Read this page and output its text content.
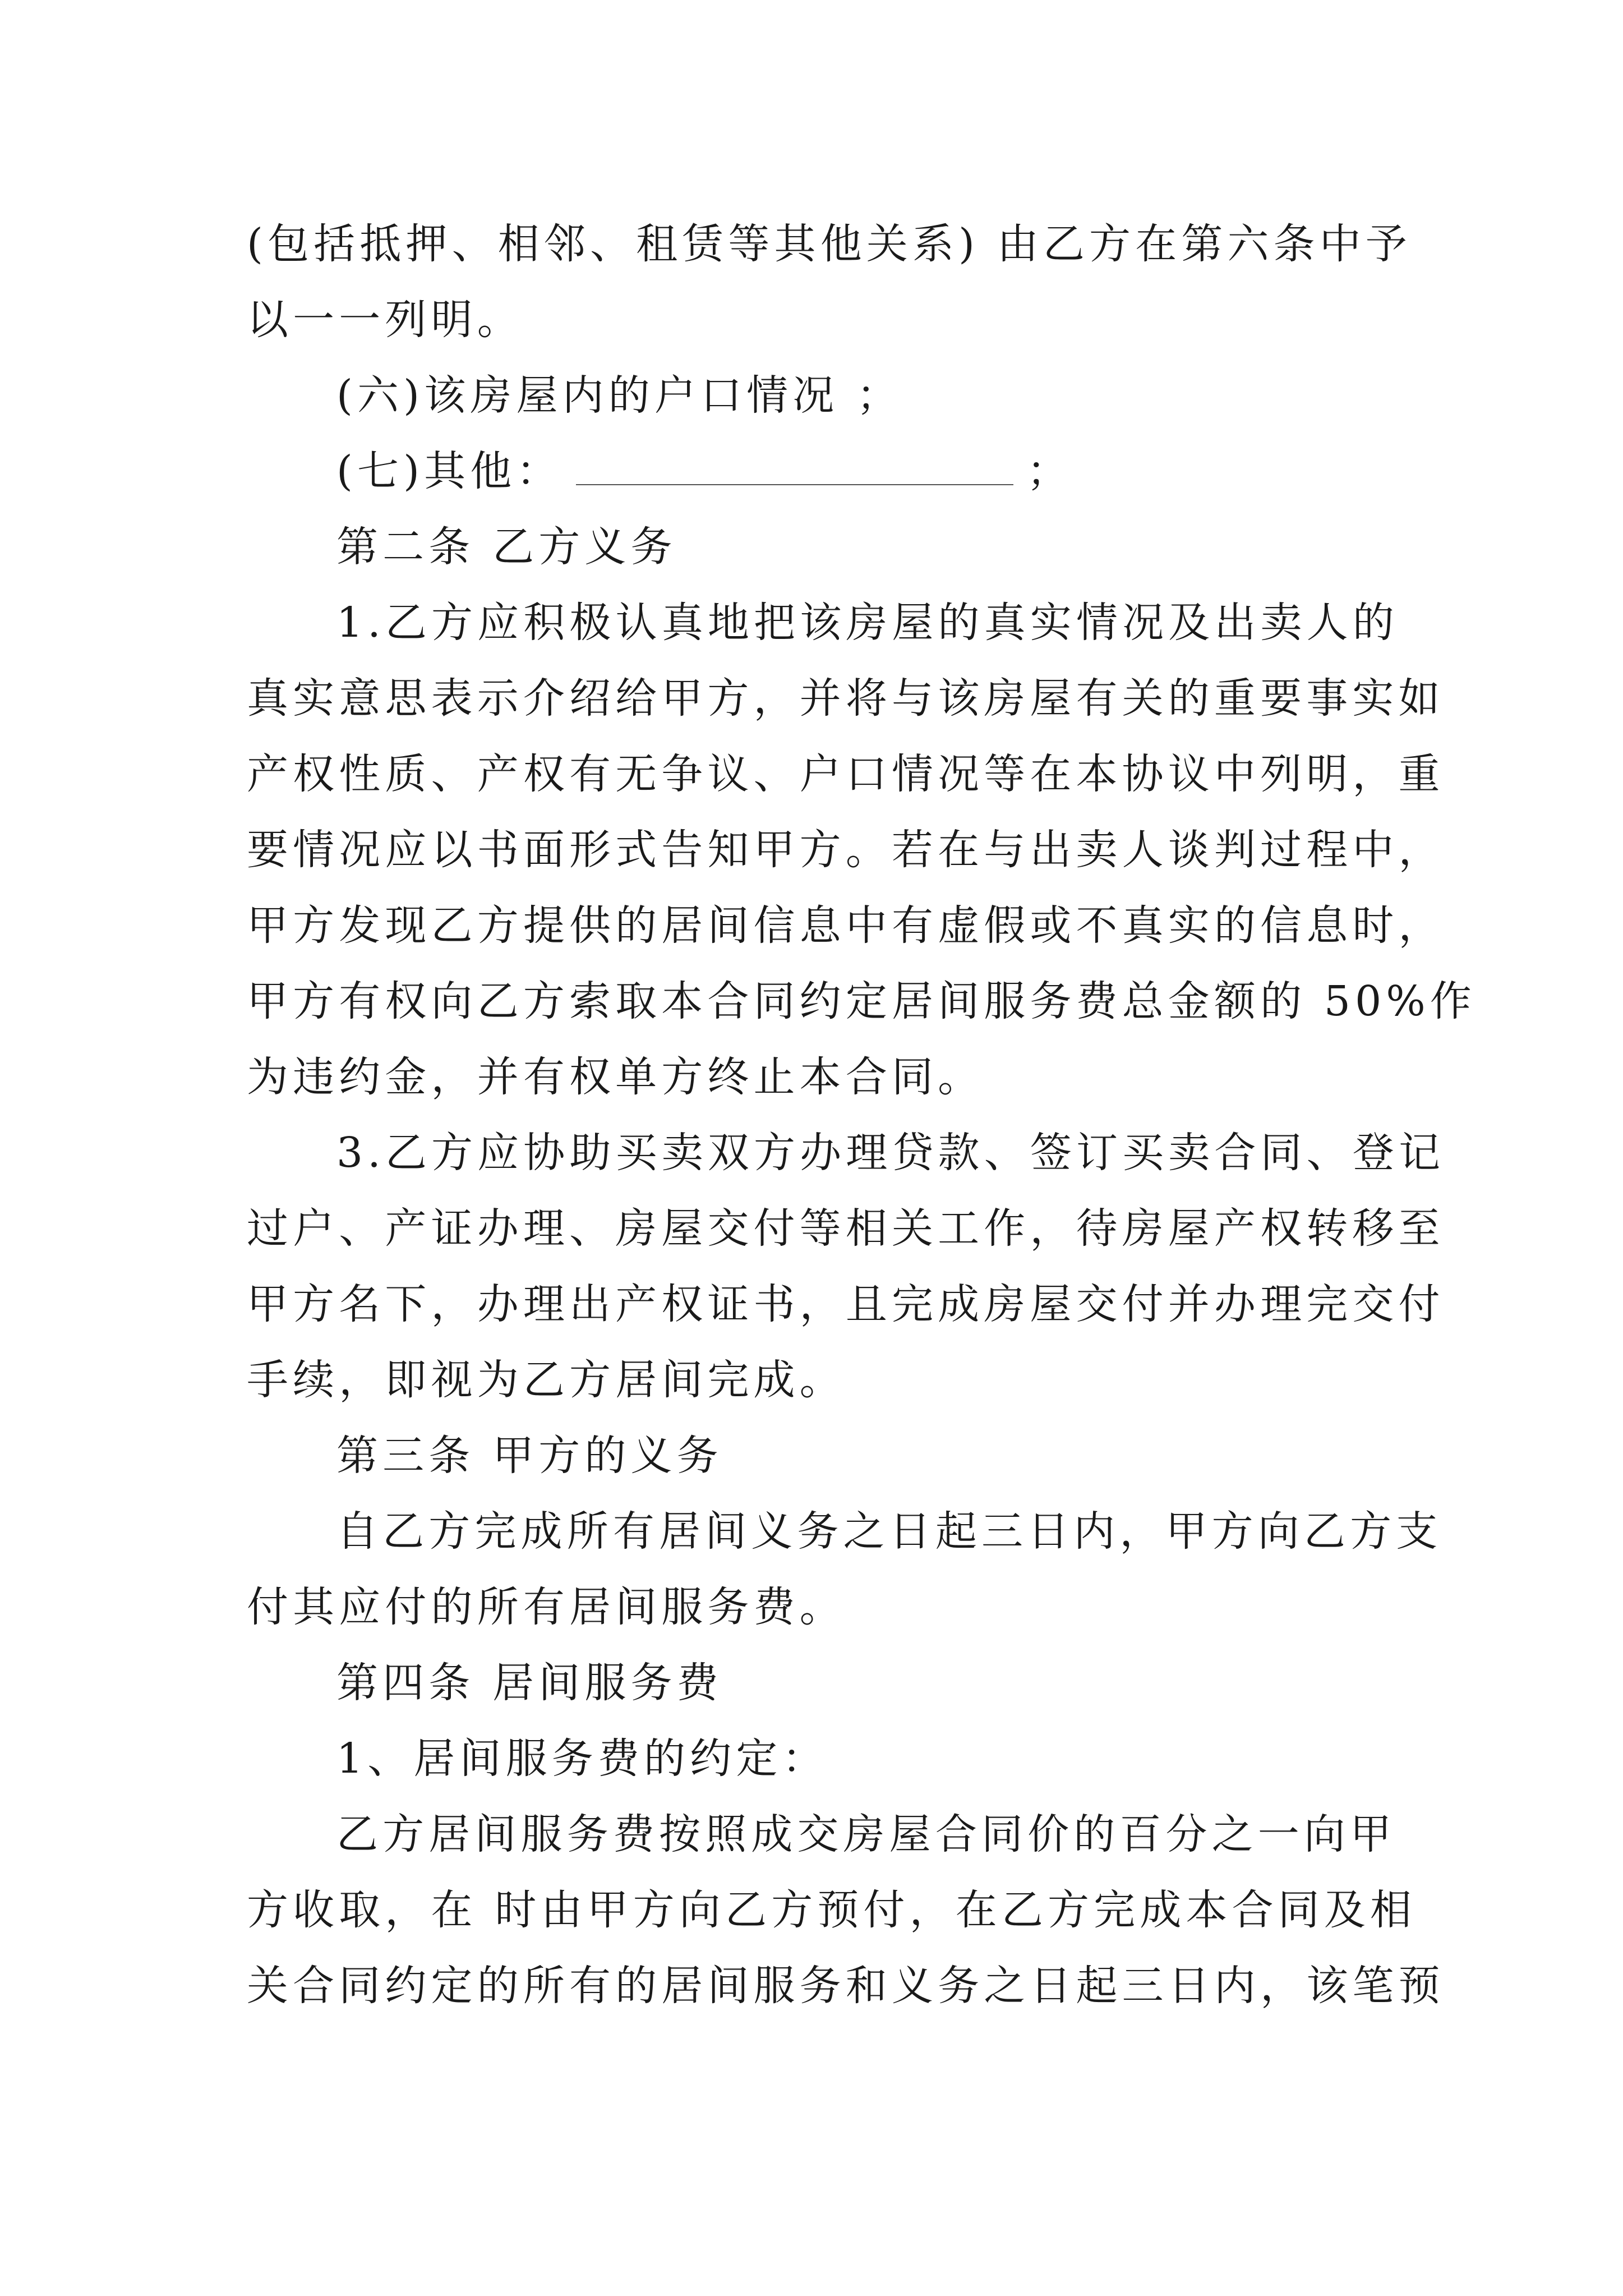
(包括抵押、相邻、租赁等其他关系) 由乙方在第六条中予
以一一列明。
(六)该房屋内的户口情况 ；
(七)其他：	；
第二条 乙方义务
1.乙方应积极认真地把该房屋的真实情况及出卖人的
真实意思表示介绍给甲方，并将与该房屋有关的重要事实如
产权性质、产权有无争议、户口情况等在本协议中列明，重
要情况应以书面形式告知甲方。若在与出卖人谈判过程中，
甲方发现乙方提供的居间信息中有虚假或不真实的信息时，
甲方有权向乙方索取本合同约定居间服务费总金额的 50%作
为违约金，并有权单方终止本合同。
3.乙方应协助买卖双方办理贷款、签订买卖合同、登记
过户、产证办理、房屋交付等相关工作，待房屋产权转移至
甲方名下，办理出产权证书，且完成房屋交付并办理完交付
手续，即视为乙方居间完成。
第三条 甲方的义务
自乙方完成所有居间义务之日起三日内，甲方向乙方支
付其应付的所有居间服务费。
第四条 居间服务费
1、居间服务费的约定：
乙方居间服务费按照成交房屋合同价的百分之一向甲
方收取，在 时由甲方向乙方预付，在乙方完成本合同及相
关合同约定的所有的居间服务和义务之日起三日内，该笔预
